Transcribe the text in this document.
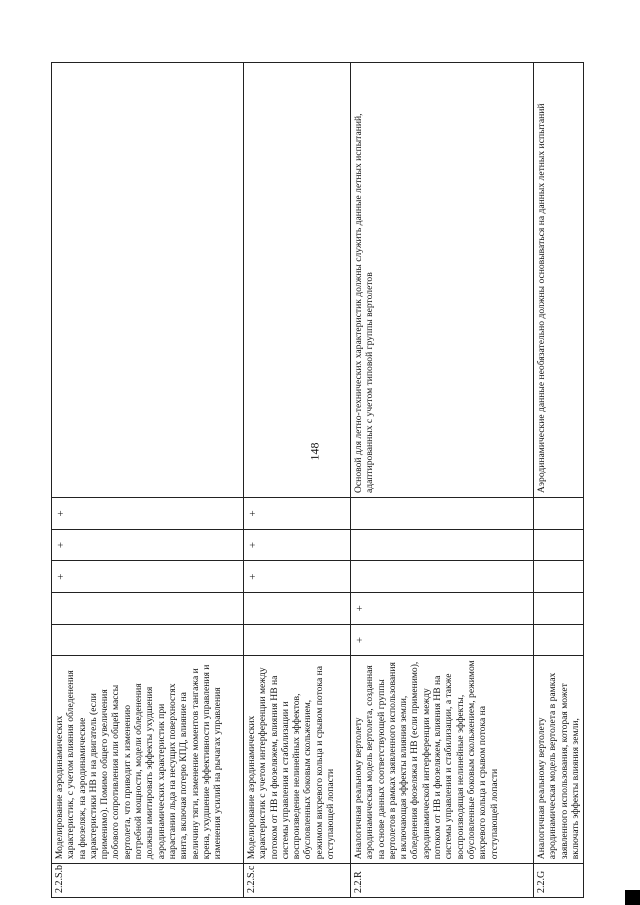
148
2.2.S.b	Моделирование аэродинамических характеристик, с учетом влияния обледенения на фюзеляж, на аэродинамические характеристики НВ и на двигатель (если применимо). Помимо общего увеличения лобового сопротивления или общей массы вертолета, что приводит к изменению потребной мощности, модели обледенения должны имитировать эффекты ухудшения аэродинамических характеристик при нарастании льда на несущих поверхностях винта, включая потерю КПД, влияние на величину тяги, изменение моментов тангажа и крена, ухудшение эффективности управления и изменения усилий на рычагах управления			+	+	+	
2.2.S.c	Моделирование аэродинамических характеристик с учетом интерференции между потоком от НВ и фюзеляжем, влияния НВ на системы управления и стабилизации и воспроизведение нелинейных эффектов, обусловленных боковым скольжением, режимом вихревого кольца и срывом потока на отступающей лопасти			+	+	+	
2.2.R	Аналогичная реальному вертолету аэродинамическая модель вертолета, созданная на основе данных соответствующей группы вертолетов в рамках заявленного использования и включающая эффекты влияния земли, обледенения фюзеляжа и НВ (если применимо), аэродинамической интерференции между потоком от НВ и фюзеляжем, влияния НВ на системы управления и стабилизации, а также воспроизводящая нелинейные эффекты, обусловленные боковым скольжением, режимом вихревого кольца и срывом потока на отступающей лопасти	+	+				Основой для летно-технических характеристик должны служить данные летных испытаний, адаптированных с учетом типовой группы вертолетов
2.2.G	Аналогичная реальному вертолету аэродинамическая модель вертолета в рамках заявленного использования, которая может включать эффекты влияния земли,						Аэродинамические данные необязательно должны основываться на данных летных испытаний
